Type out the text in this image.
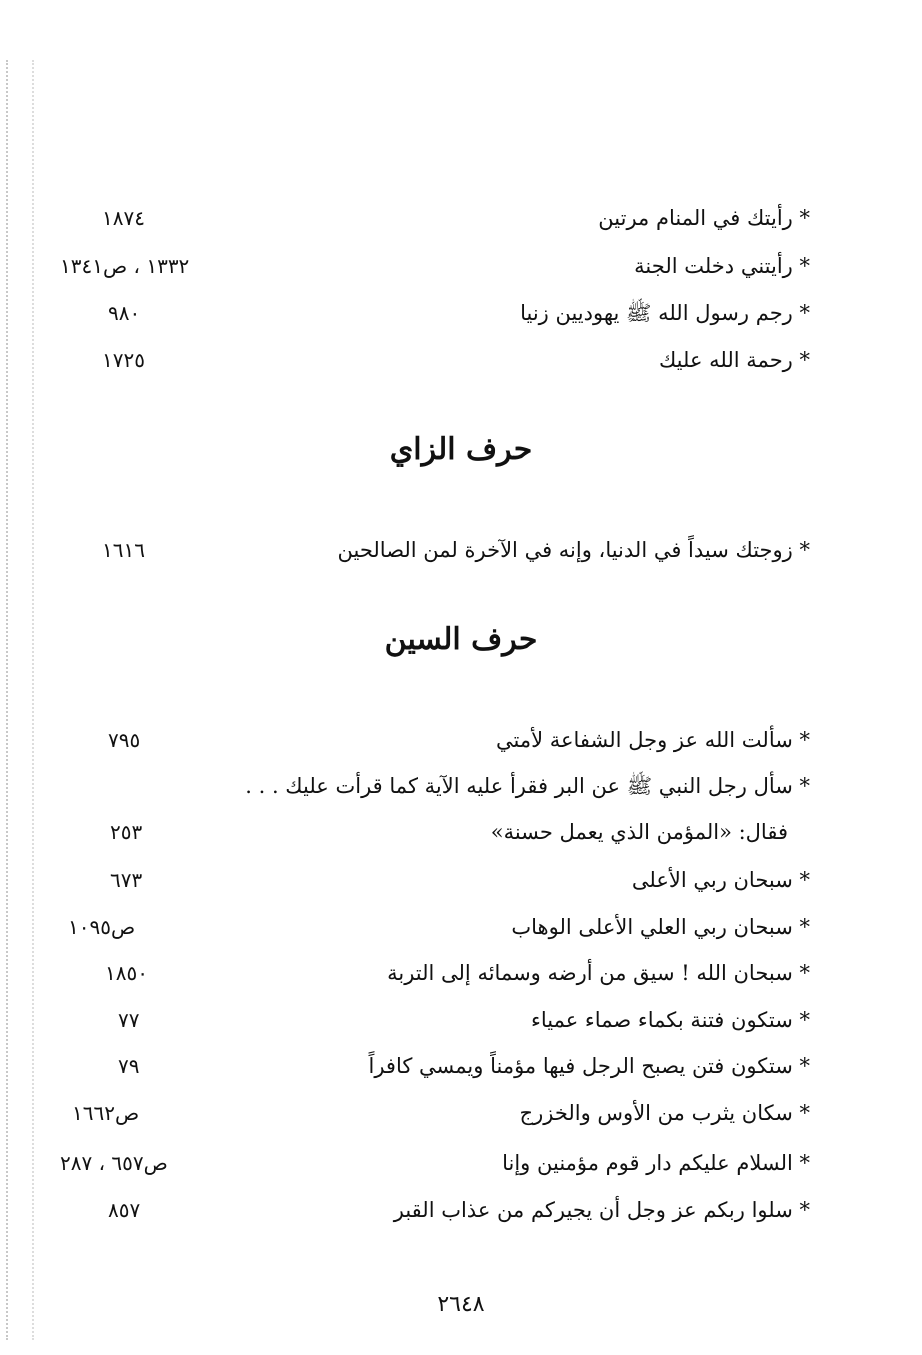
* رأيتك في المنام مرتين
١٨٧٤
* رأيتني دخلت الجنة
١٣٣٢ ، ص١٣٤١
* رجم رسول الله ﷺ يهوديين زنيا
٩٨٠
* رحمة الله عليك
١٧٢٥
حرف الزاي
* زوجتك سيداً في الدنيا، وإنه في الآخرة لمن الصالحين
١٦١٦
حرف السين
* سألت الله عز وجل الشفاعة لأمتي
٧٩٥
* سأل رجل النبي ﷺ عن البر فقرأ عليه الآية كما قرأت عليك . . .
فقال: «المؤمن الذي يعمل حسنة»
٢٥٣
* سبحان ربي الأعلى
٦٧٣
* سبحان ربي العلي الأعلى الوهاب
ص١٠٩٥
* سبحان الله ! سيق من أرضه وسمائه إلى التربة
١٨٥٠
* ستكون فتنة بكماء صماء عمياء
٧٧
* ستكون فتن يصبح الرجل فيها مؤمناً ويمسي كافراً
٧٩
* سكان يثرب من الأوس والخزرج
ص١٦٦٢
* السلام عليكم دار قوم مؤمنين وإنا
ص٦٥٧ ، ٢٨٧
* سلوا ربكم عز وجل أن يجيركم من عذاب القبر
٨٥٧
٢٦٤٨
